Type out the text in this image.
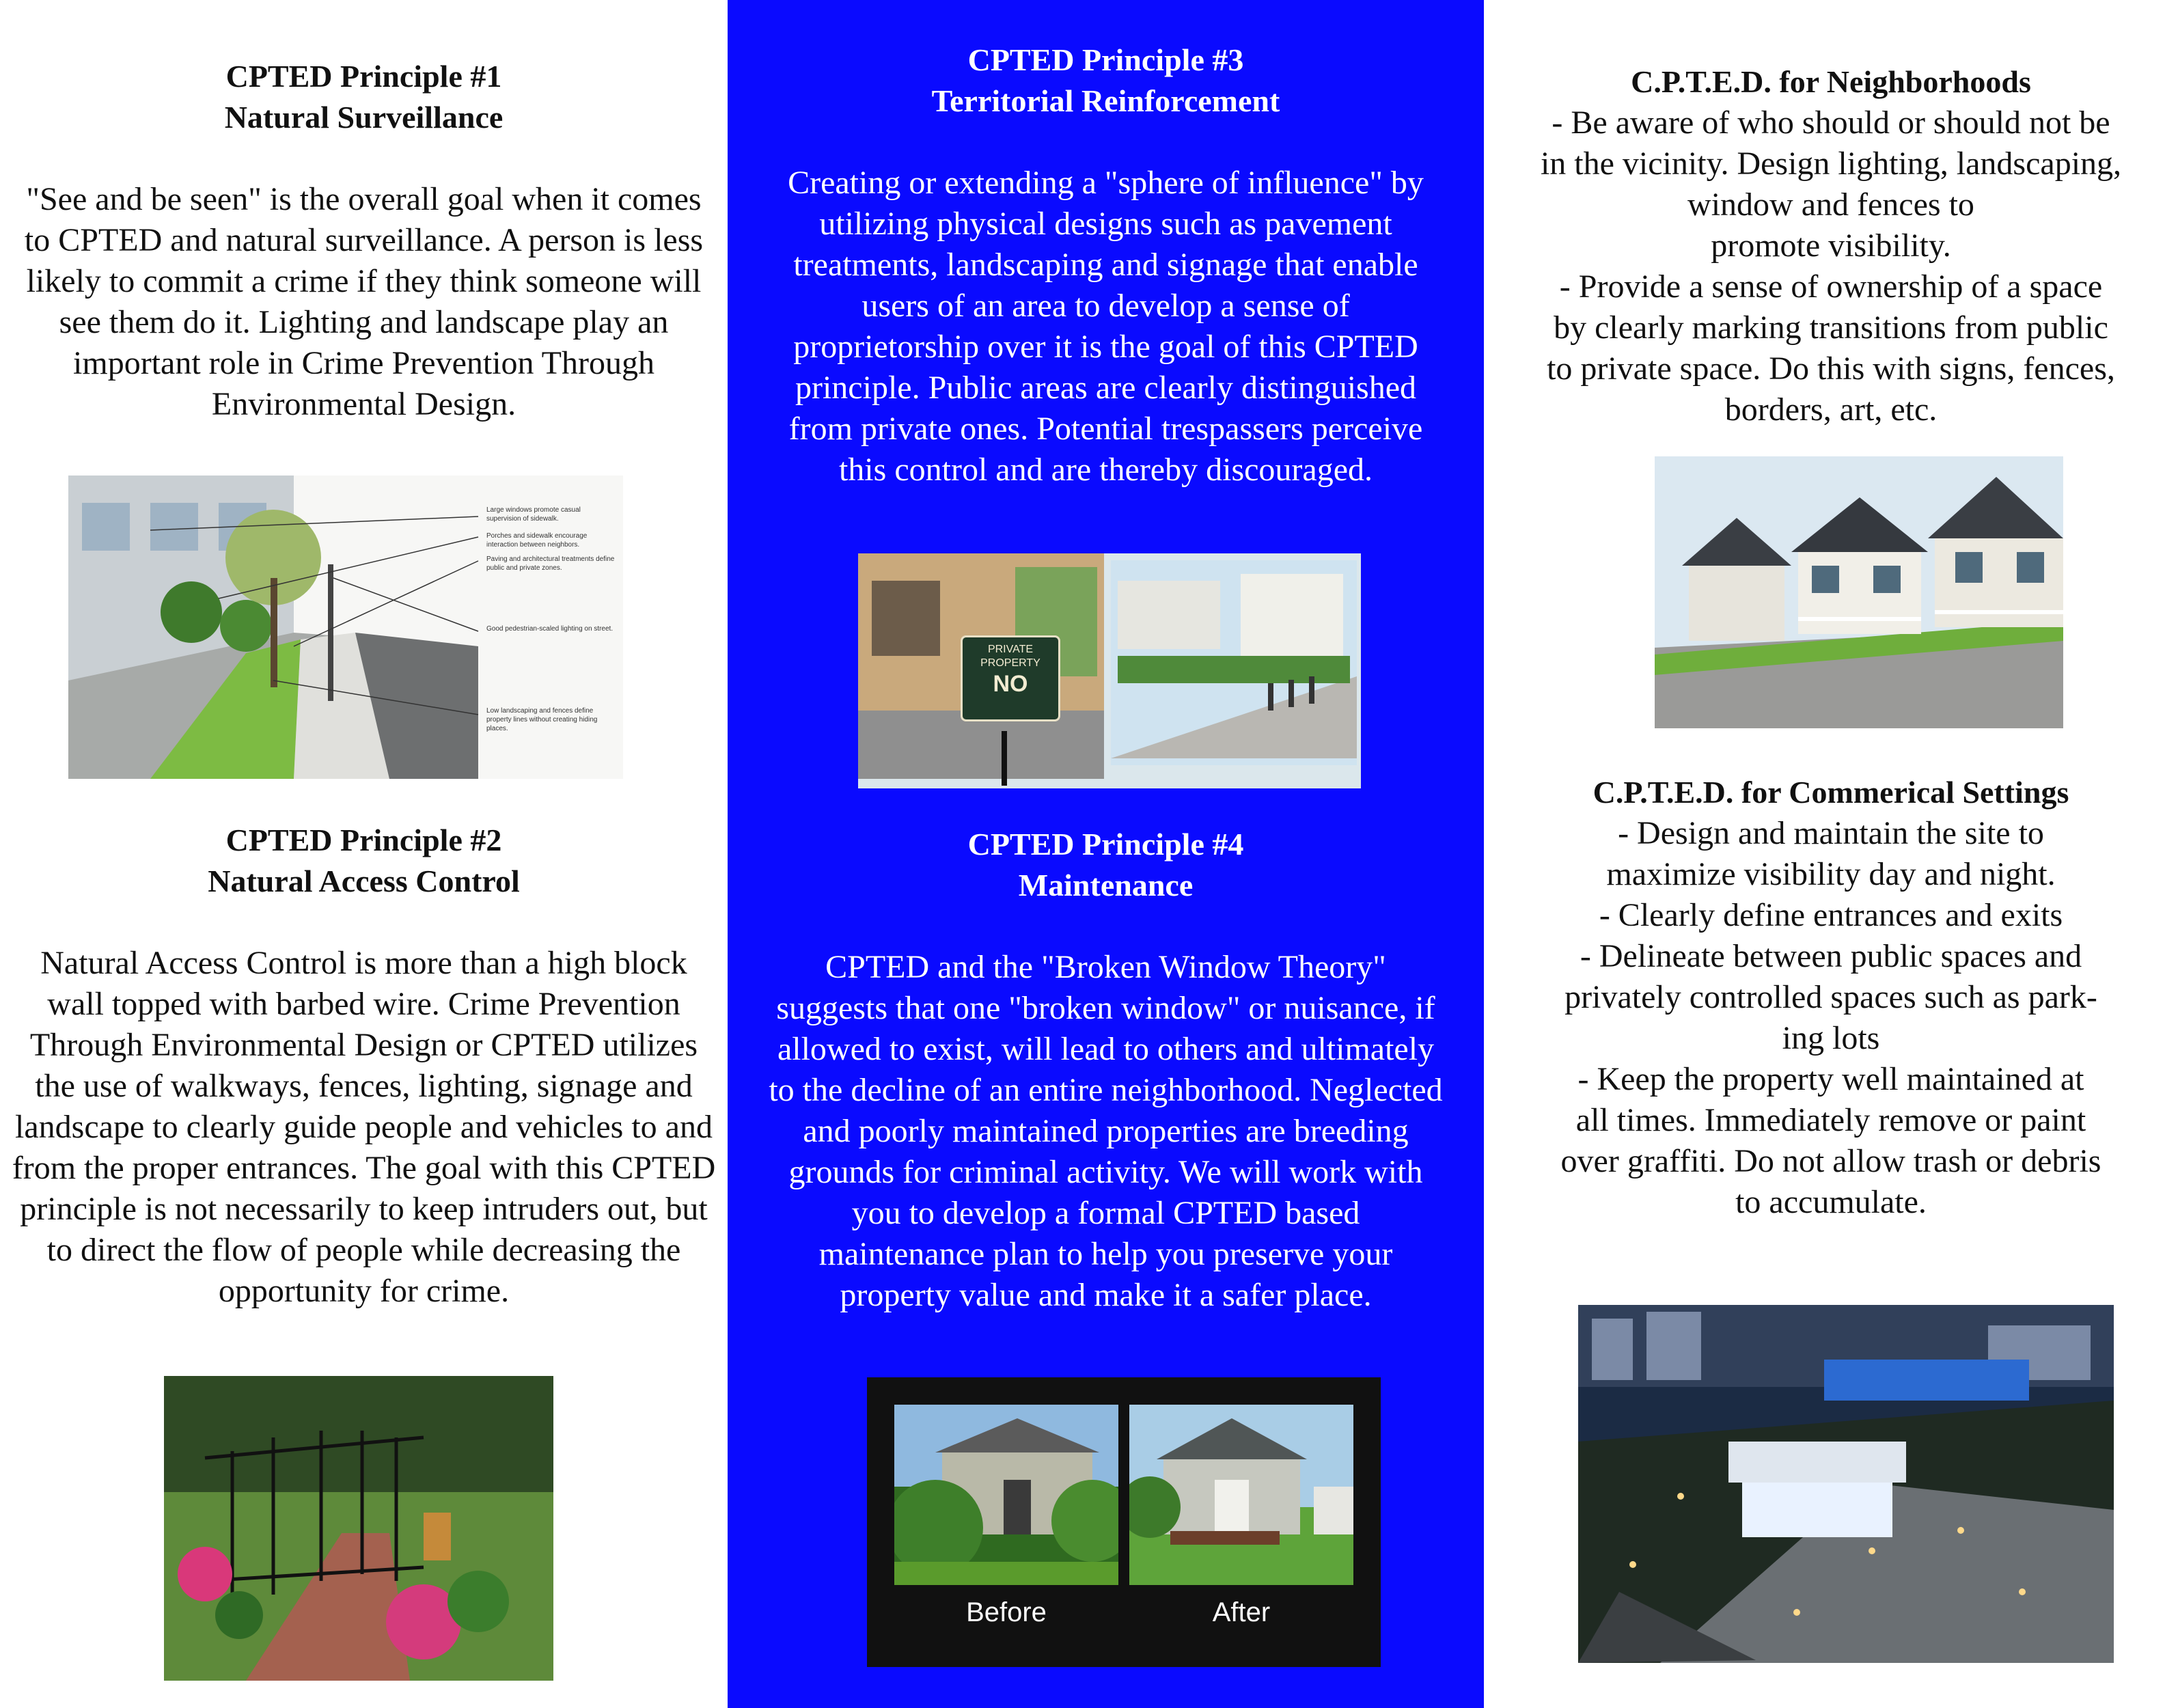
CPTED Principle #1

Natural Surveillance

"See and be seen" is the overall goal when it comes to CPTED and natural surveillance. A person is less likely to commit a crime if they think someone will see them do it. Lighting and landscape play an important role in Crime Prevention Through Environmental Design.

Large windows promote casual supervision of sidewalk.
Porches and sidewalk encourage interaction between neighbors.
Paving and architectural treatments define public and private zones.
Good pedestrian-scaled lighting on street.
Low landscaping and fences define property lines without creating hiding places.

CPTED Principle #2

Natural Access Control

Natural Access Control is more than a high block wall topped with barbed wire. Crime Prevention Through Environmental Design or CPTED utilizes the use of walkways, fences, lighting, signage and landscape to clearly guide people and vehicles to and from the proper entrances. The goal with this CPTED principle is not necessarily to keep intruders out, but to direct the flow of people while decreasing the opportunity for crime.

CPTED Principle #3

Territorial Reinforcement

Creating or extending a "sphere of influence" by utilizing physical designs such as pavement treatments, landscaping and signage that enable users of an area to develop a sense of proprietorship over it is the goal of this CPTED principle. Public areas are clearly distinguished from private ones. Potential trespassers perceive this control and are thereby discouraged.

PRIVATE
PROPERTY
NO

CPTED Principle #4

Maintenance

CPTED and the "Broken Window Theory" suggests that one "broken window" or nuisance, if allowed to exist, will lead to others and ultimately to the decline of an entire neighborhood. Neglected and poorly maintained properties are breeding grounds for criminal activity. We will work with you to develop a formal CPTED based maintenance plan to help you preserve your property value and make it a safer place.

Before	After

C.P.T.E.D. for Neighborhoods

- Be aware of who should or should not be
in the vicinity. Design lighting, landscaping,
window and fences to
promote visibility.
- Provide a sense of ownership of a space
by clearly marking transitions from public
to private space. Do this with signs, fences,
borders, art, etc.

C.P.T.E.D. for Commerical Settings

- Design and maintain the site to
maximize visibility day and night.
- Clearly define entrances and exits
- Delineate between public spaces and
privately controlled spaces such as park-
ing lots
- Keep the property well maintained at
all times. Immediately remove or paint
over graffiti. Do not allow trash or debris
to accumulate.
